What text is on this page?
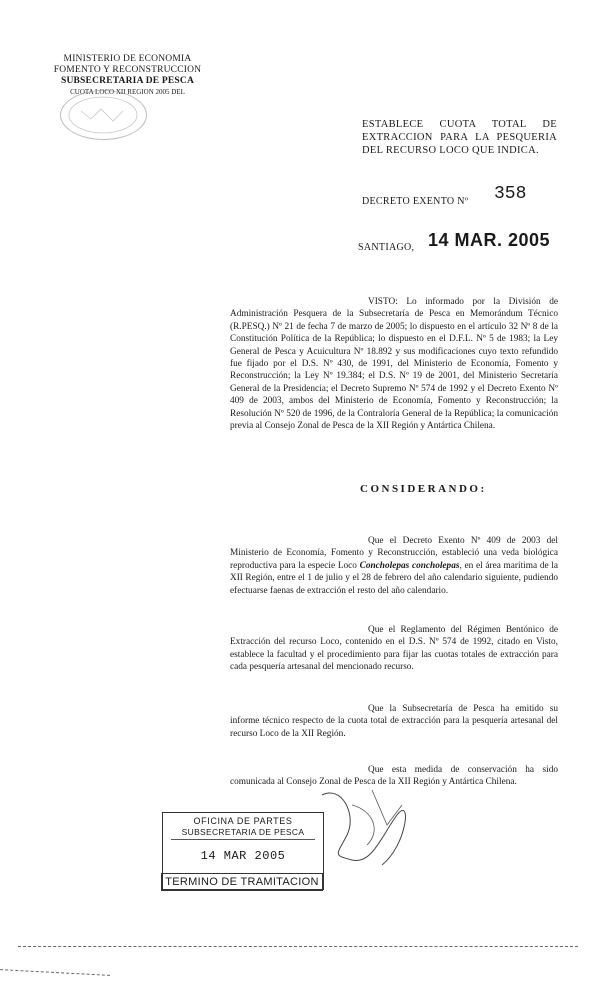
MINISTERIO DE ECONOMIA
FOMENTO Y RECONSTRUCCION
SUBSECRETARIA DE PESCA
CUOTA LOCO XII REGION 2005 DEL
ESTABLECE CUOTA TOTAL DE EXTRACCION PARA LA PESQUERIA DEL RECURSO LOCO QUE INDICA.
DECRETO EXENTO Nº 358
SANTIAGO, 14 MAR. 2005
VISTO: Lo informado por la División de Administración Pesquera de la Subsecretaría de Pesca en Memorándum Técnico (R.PESQ.) Nº 21 de fecha 7 de marzo de 2005; lo dispuesto en el artículo 32 Nº 8 de la Constitución Política de la República; lo dispuesto en el D.F.L. Nº 5 de 1983; la Ley General de Pesca y Acuicultura Nº 18.892 y sus modificaciones cuyo texto refundido fue fijado por el D.S. Nº 430, de 1991, del Ministerio de Economía, Fomento y Reconstrucción; la Ley Nº 19.384; el D.S. Nº 19 de 2001, del Ministerio Secretaría General de la Presidencia; el Decreto Supremo Nº 574 de 1992 y el Decreto Exento Nº 409 de 2003, ambos del Ministerio de Economía, Fomento y Reconstrucción; la Resolución Nº 520 de 1996, de la Contraloría General de la República; la comunicación previa al Consejo Zonal de Pesca de la XII Región y Antártica Chilena.
CONSIDERANDO:
Que el Decreto Exento Nº 409 de 2003 del Ministerio de Economía, Fomento y Reconstrucción, estableció una veda biológica reproductiva para la especie Loco Concholepas concholepas, en el área marítima de la XII Región, entre el 1 de julio y el 28 de febrero del año calendario siguiente, pudiendo efectuarse faenas de extracción el resto del año calendario.
Que el Reglamento del Régimen Bentónico de Extracción del recurso Loco, contenido en el D.S. Nº 574 de 1992, citado en Visto, establece la facultad y el procedimiento para fijar las cuotas totales de extracción para cada pesquería artesanal del mencionado recurso.
Que la Subsecretaría de Pesca ha emitido su informe técnico respecto de la cuota total de extracción para la pesquería artesanal del recurso Loco de la XII Región.
Que esta medida de conservación ha sido comunicada al Consejo Zonal de Pesca de la XII Región y Antártica Chilena.
OFICINA DE PARTES
SUBSECRETARIA DE PESCA
14 MAR 2005
TERMINO DE TRAMITACION
